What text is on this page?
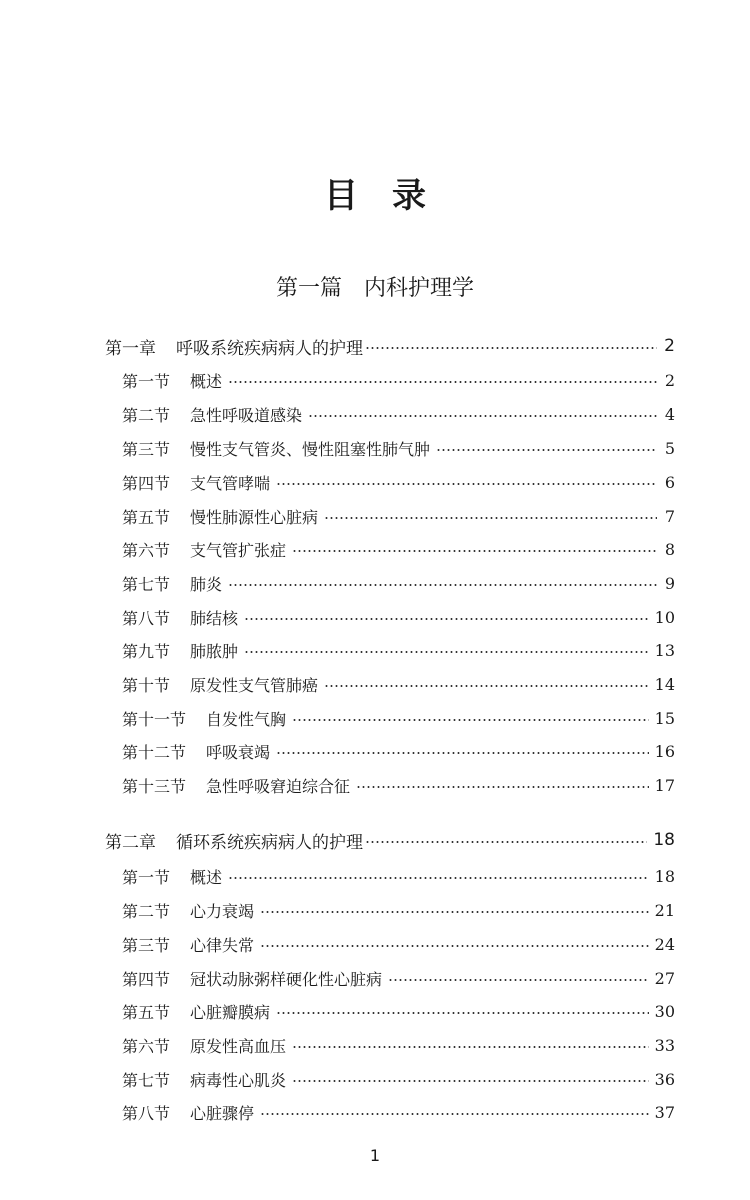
目　录
第一篇　内科护理学
第一章 呼吸系统疾病病人的护理	2
第一节 概述	2
第二节 急性呼吸道感染	4
第三节 慢性支气管炎、慢性阻塞性肺气肿	5
第四节 支气管哮喘	6
第五节 慢性肺源性心脏病	7
第六节 支气管扩张症	8
第七节 肺炎	9
第八节 肺结核	10
第九节 肺脓肿	13
第十节 原发性支气管肺癌	14
第十一节 自发性气胸	15
第十二节 呼吸衰竭	16
第十三节 急性呼吸窘迫综合征	17
第二章 循环系统疾病病人的护理	18
第一节 概述	18
第二节 心力衰竭	21
第三节 心律失常	24
第四节 冠状动脉粥样硬化性心脏病	27
第五节 心脏瓣膜病	30
第六节 原发性高血压	33
第七节 病毒性心肌炎	36
第八节 心脏骤停	37
1
